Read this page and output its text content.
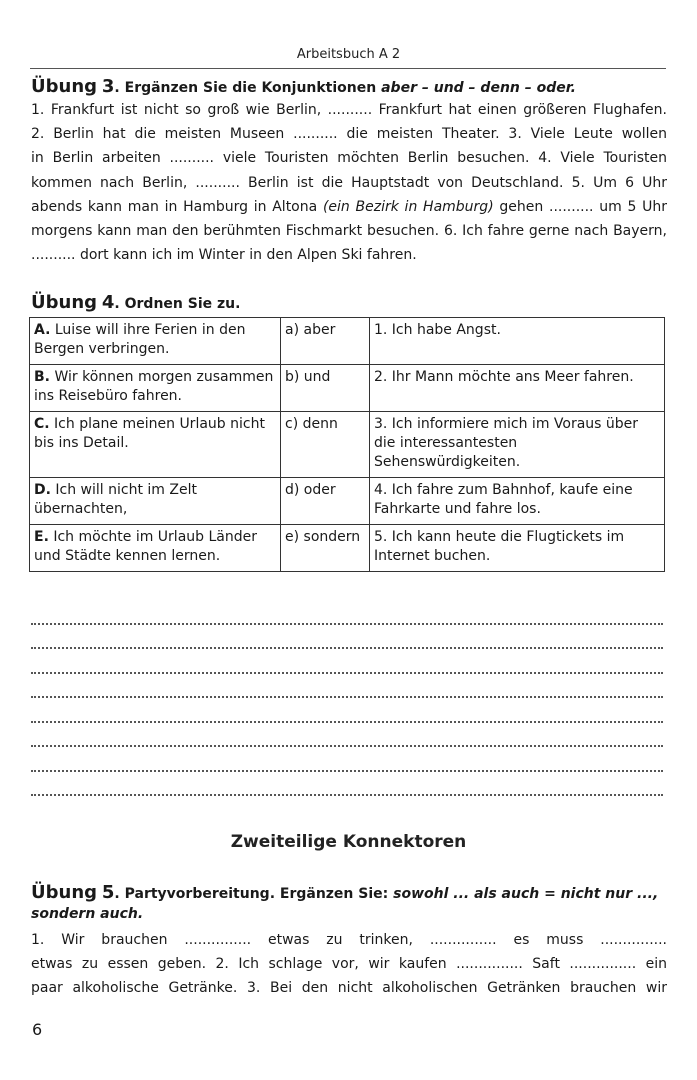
Arbeitsbuch A 2
Übung 3. Ergänzen Sie die Konjunktionen aber – und – denn – oder.

1. Frankfurt ist nicht so groß wie Berlin, .......... Frankfurt hat einen größeren Flughafen.

2. Berlin hat die meisten Museen .......... die meisten Theater. 3. Viele Leute wollen

in Berlin arbeiten .......... viele Touristen möchten Berlin besuchen. 4. Viele Touristen

kommen nach Berlin, .......... Berlin ist die Hauptstadt von Deutschland. 5. Um 6 Uhr

abends kann man in Hamburg in Altona (ein Bezirk in Hamburg) gehen .......... um 5 Uhr

morgens kann man den berühmten Fischmarkt besuchen. 6. Ich fahre gerne nach Bayern,

.......... dort kann ich im Winter in den Alpen Ski fahren.

Übung 4. Ordnen Sie zu.
A. Luise will ihre Ferien in den Bergen verbringen.	a) aber	1. Ich habe Angst.
B. Wir können morgen zusammen ins Reisebüro fahren.	b) und	2. Ihr Mann möchte ans Meer fahren.
C. Ich plane meinen Urlaub nicht bis ins Detail.	c) denn	3. Ich informiere mich im Voraus über die interessantesten Sehenswürdigkeiten.
D. Ich will nicht im Zelt übernachten,	d) oder	4. Ich fahre zum Bahnhof, kaufe eine Fahrkarte und fahre los.
E. Ich möchte im Urlaub Länder und Städte kennen lernen.	e) sondern	5. Ich kann heute die Flugtickets im Internet buchen.
Zweiteilige Konnektoren
Übung 5. Partyvorbereitung. Ergänzen Sie: sowohl ... als auch = nicht nur ...,
sondern auch.

1. Wir brauchen ............... etwas zu trinken, ............... es muss ...............

etwas zu essen geben. 2. Ich schlage vor, wir kaufen ............... Saft ............... ein

paar alkoholische Getränke. 3. Bei den nicht alkoholischen Getränken brauchen wir

6
